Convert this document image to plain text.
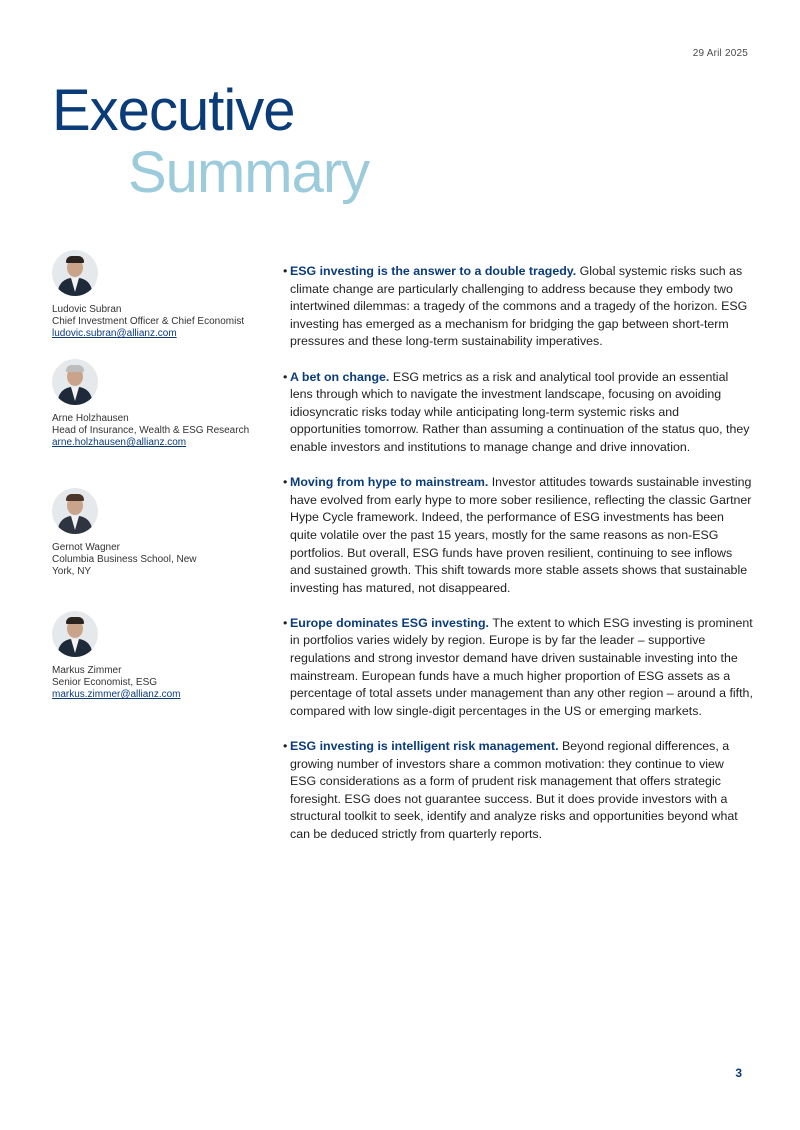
29 Aril 2025
Executive
Summary
Ludovic Subran
Chief Investment Officer & Chief Economist
ludovic.subran@allianz.com
Arne Holzhausen
Head of Insurance, Wealth & ESG Research
arne.holzhausen@allianz.com
Gernot Wagner
Columbia Business School, New York, NY
Markus Zimmer
Senior Economist, ESG
markus.zimmer@allianz.com
• ESG investing is the answer to a double tragedy. Global systemic risks such as climate change are particularly challenging to address because they embody two intertwined dilemmas: a tragedy of the commons and a tragedy of the horizon. ESG investing has emerged as a mechanism for bridging the gap between short-term pressures and these long-term sustainability imperatives.
• A bet on change. ESG metrics as a risk and analytical tool provide an essential lens through which to navigate the investment landscape, focusing on avoiding idiosyncratic risks today while anticipating long-term systemic risks and opportunities tomorrow. Rather than assuming a continuation of the status quo, they enable investors and institutions to manage change and drive innovation.
• Moving from hype to mainstream. Investor attitudes towards sustainable investing have evolved from early hype to more sober resilience, reflecting the classic Gartner Hype Cycle framework. Indeed, the performance of ESG investments has been quite volatile over the past 15 years, mostly for the same reasons as non-ESG portfolios. But overall, ESG funds have proven resilient, continuing to see inflows and sustained growth. This shift towards more stable assets shows that sustainable investing has matured, not disappeared.
• Europe dominates ESG investing. The extent to which ESG investing is prominent in portfolios varies widely by region. Europe is by far the leader – supportive regulations and strong investor demand have driven sustainable investing into the mainstream. European funds have a much higher proportion of ESG assets as a percentage of total assets under management than any other region – around a fifth, compared with low single-digit percentages in the US or emerging markets.
• ESG investing is intelligent risk management. Beyond regional differences, a growing number of investors share a common motivation: they continue to view ESG considerations as a form of prudent risk management that offers strategic foresight. ESG does not guarantee success. But it does provide investors with a structural toolkit to seek, identify and analyze risks and opportunities beyond what can be deduced strictly from quarterly reports.
3
